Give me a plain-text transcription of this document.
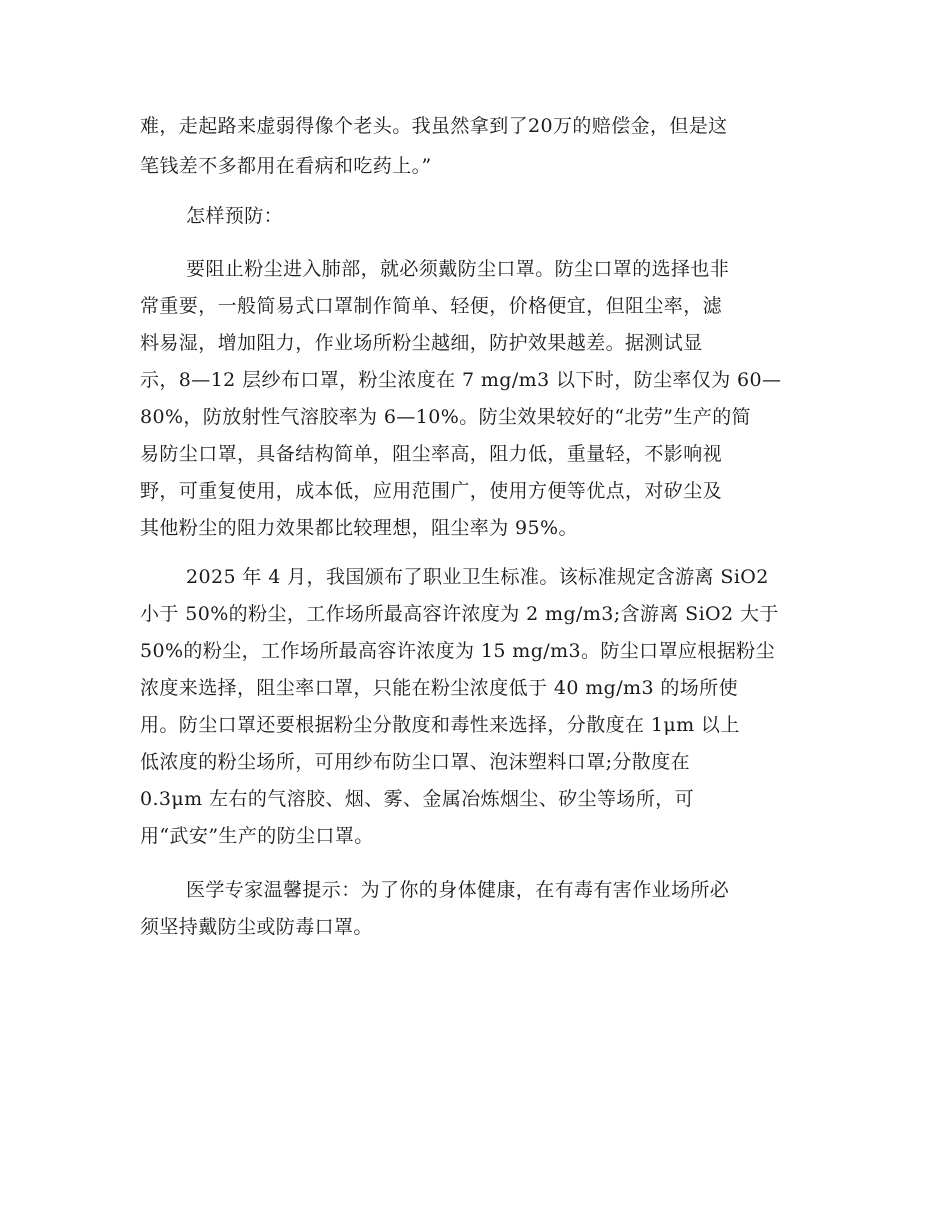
难，走起路来虚弱得像个老头。我虽然拿到了20万的赔偿金，但是这
笔钱差不多都用在看病和吃药上。”
怎样预防：
要阻止粉尘进入肺部，就必须戴防尘口罩。防尘口罩的选择也非
常重要，一般简易式口罩制作简单、轻便，价格便宜，但阻尘率，滤
料易湿，增加阻力，作业场所粉尘越细，防护效果越差。据测试显
示，8—12 层纱布口罩，粉尘浓度在 7 mg/m3 以下时，防尘率仅为 60—
80%，防放射性气溶胶率为 6—10%。防尘效果较好的“北劳”生产的简
易防尘口罩，具备结构简单，阻尘率高，阻力低，重量轻，不影响视
野，可重复使用，成本低，应用范围广，使用方便等优点，对矽尘及
其他粉尘的阻力效果都比较理想，阻尘率为 95%。
2025 年 4 月，我国颁布了职业卫生标准。该标准规定含游离 SiO2
小于 50%的粉尘，工作场所最高容许浓度为 2 mg/m3;含游离 SiO2 大于
50%的粉尘，工作场所最高容许浓度为 15 mg/m3。防尘口罩应根据粉尘
浓度来选择，阻尘率口罩，只能在粉尘浓度低于 40 mg/m3 的场所使
用。防尘口罩还要根据粉尘分散度和毒性来选择，分散度在 1μm 以上
低浓度的粉尘场所，可用纱布防尘口罩、泡沫塑料口罩;分散度在
0.3μm 左右的气溶胶、烟、雾、金属冶炼烟尘、矽尘等场所，可
用“武安”生产的防尘口罩。
医学专家温馨提示：为了你的身体健康，在有毒有害作业场所必
须坚持戴防尘或防毒口罩。
